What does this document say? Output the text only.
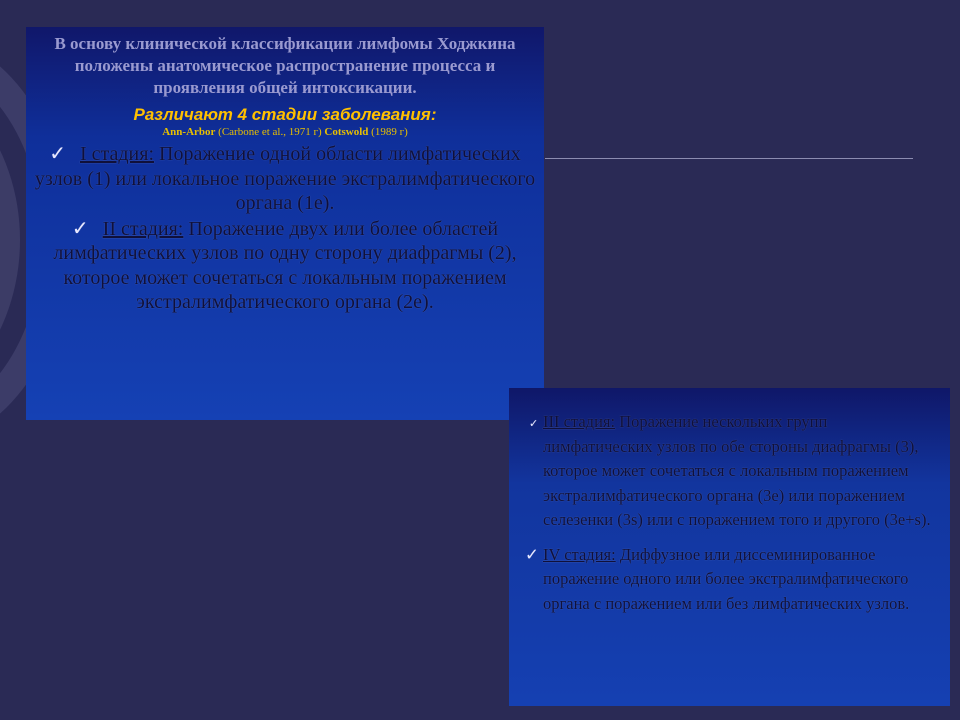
В основу клинической классификации лимфомы Ходжкина положены анатомическое распространение процесса и проявления общей интоксикации.

Различают 4 стадии заболевания:

Ann-Arbor (Carbone et al., 1971 г) Cotswold (1989 г)

✓ I стадия: Поражение одной области лимфатических узлов (1) или локальное поражение экстралимфатического органа (1е).

✓ II стадия: Поражение двух или более областей лимфатических узлов по одну сторону диафрагмы (2), которое может сочетаться с локальным поражением экстралимфатического органа (2е).

✓ III стадия: Поражение нескольких групп лимфатических узлов по обе стороны диафрагмы (3), которое может сочетаться с локальным поражением экстралимфатического органа (3е) или поражением селезенки (3s) или с поражением того и другого (3е+s).

✓ IV стадия: Диффузное или диссеминированное поражение одного или более экстралимфатического органа с поражением или без лимфатических узлов.
